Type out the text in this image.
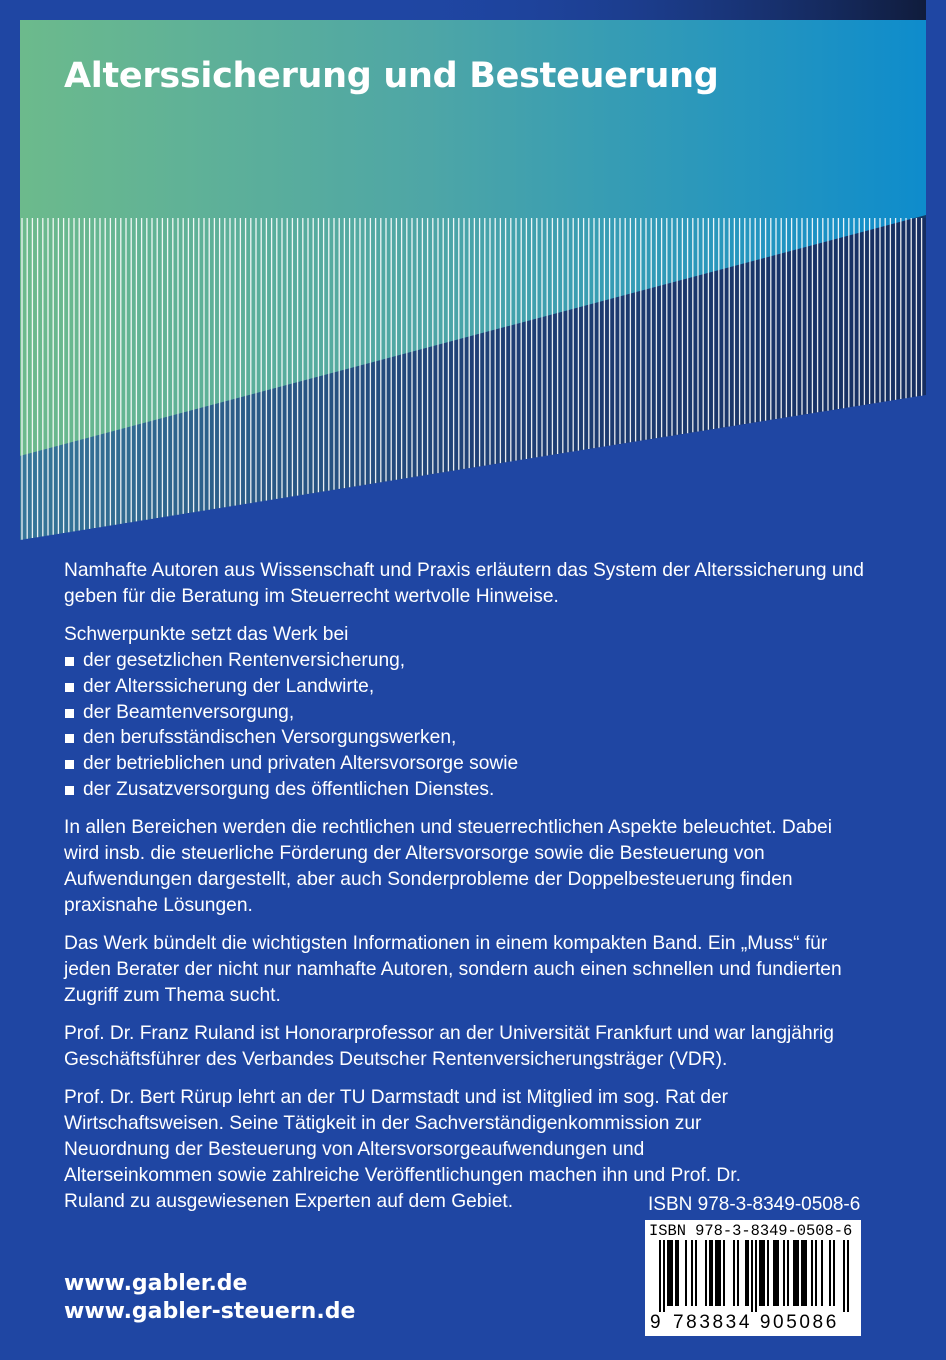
Alterssicherung und Besteuerung

Namhafte Autoren aus Wissenschaft und Praxis erläutern das System der Alterssicherung und geben für die Beratung im Steuerrecht wertvolle Hinweise.

Schwerpunkte setzt das Werk bei

der gesetzlichen Rentenversicherung,
der Alterssicherung der Landwirte,
der Beamtenversorgung,
den berufsständischen Versorgungswerken,
der betrieblichen und privaten Altersvorsorge sowie
der Zusatzversorgung des öffentlichen Dienstes.

In allen Bereichen werden die rechtlichen und steuerrechtlichen Aspekte beleuchtet. Dabei wird insb. die steuerliche Förderung der Altersvorsorge sowie die Besteuerung von Aufwendungen dargestellt, aber auch Sonderprobleme der Doppelbesteuerung finden praxisnahe Lösungen.

Das Werk bündelt die wichtigsten Informationen in einem kompakten Band. Ein „Muss“ für jeden Berater der nicht nur namhafte Autoren, sondern auch einen schnellen und fundierten Zugriff zum Thema sucht.

Prof. Dr. Franz Ruland ist Honorarprofessor an der Universität Frankfurt und war langjährig Geschäftsführer des Verbandes Deutscher Rentenversicherungsträger (VDR).

Prof. Dr. Bert Rürup lehrt an der TU Darmstadt und ist Mitglied im sog. Rat der Wirtschaftsweisen. Seine Tätigkeit in der Sachverständigenkommission zur Neuordnung der Besteuerung von Altersvorsorgeaufwendungen und Alterseinkommen sowie zahlreiche Veröffentlichungen machen ihn und Prof. Dr. Ruland zu ausgewiesenen Experten auf dem Gebiet.

www.gabler.de
www.gabler-steuern.de
ISBN 978-3-8349-0508-6
ISBN 978-3-8349-0508-6
9 783834 905086
